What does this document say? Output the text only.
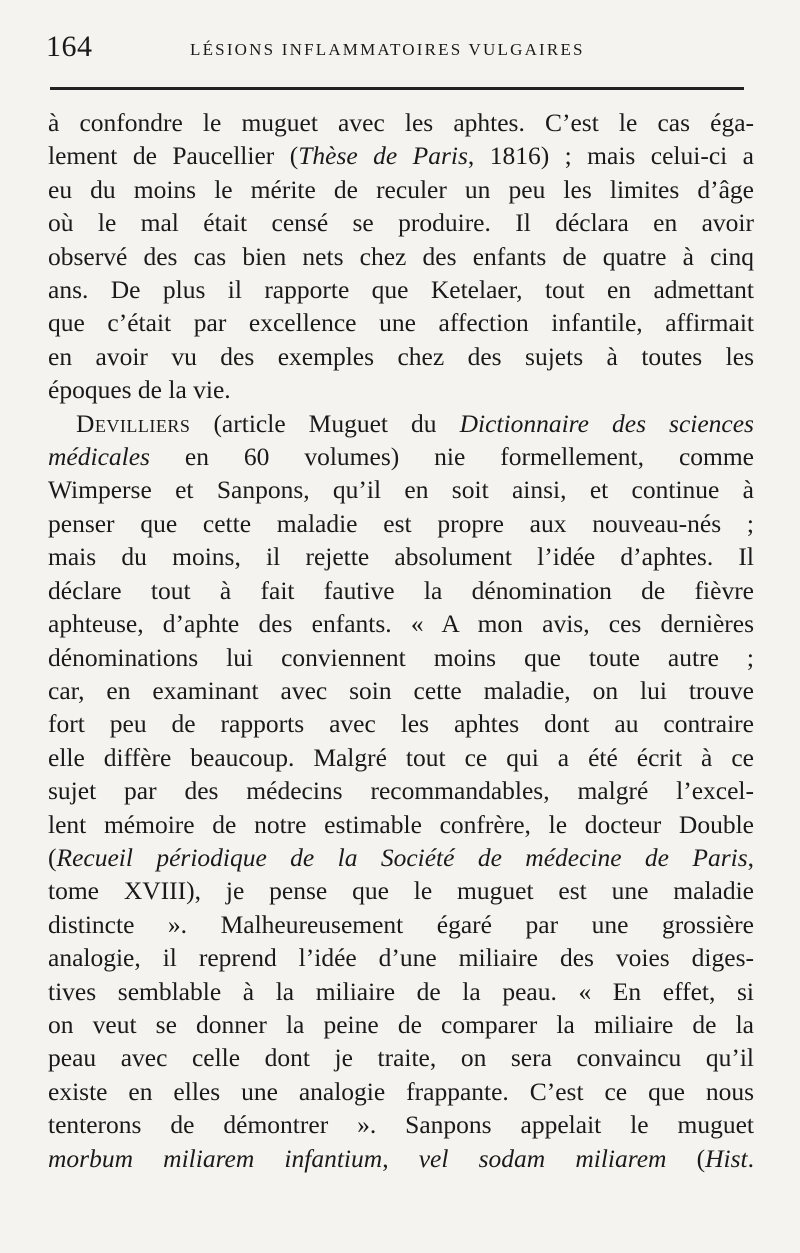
164	LÉSIONS INFLAMMATOIRES VULGAIRES
à confondre le muguet avec les aphtes. C’est le cas éga-
lement de Paucellier (Thèse de Paris, 1816) ; mais celui-ci a
eu du moins le mérite de reculer un peu les limites d’âge
où le mal était censé se produire. Il déclara en avoir
observé des cas bien nets chez des enfants de quatre à cinq
ans. De plus il rapporte que Ketelaer, tout en admettant
que c’était par excellence une affection infantile, affirmait
en avoir vu des exemples chez des sujets à toutes les
époques de la vie.
Devilliers (article Muguet du Dictionnaire des sciences
médicales en 60 volumes) nie formellement, comme
Wimperse et Sanpons, qu’il en soit ainsi, et continue à
penser que cette maladie est propre aux nouveau-nés ;
mais du moins, il rejette absolument l’idée d’aphtes. Il
déclare tout à fait fautive la dénomination de fièvre
aphteuse, d’aphte des enfants. « A mon avis, ces dernières
dénominations lui conviennent moins que toute autre ;
car, en examinant avec soin cette maladie, on lui trouve
fort peu de rapports avec les aphtes dont au contraire
elle diffère beaucoup. Malgré tout ce qui a été écrit à ce
sujet par des médecins recommandables, malgré l’excel-
lent mémoire de notre estimable confrère, le docteur Double
(Recueil périodique de la Société de médecine de Paris,
tome XVIII), je pense que le muguet est une maladie
distincte ». Malheureusement égaré par une grossière
analogie, il reprend l’idée d’une miliaire des voies diges-
tives semblable à la miliaire de la peau. « En effet, si
on veut se donner la peine de comparer la miliaire de la
peau avec celle dont je traite, on sera convaincu qu’il
existe en elles une analogie frappante. C’est ce que nous
tenterons de démontrer ». Sanpons appelait le muguet
morbum miliarem infantium, vel sodam miliarem (Hist.
